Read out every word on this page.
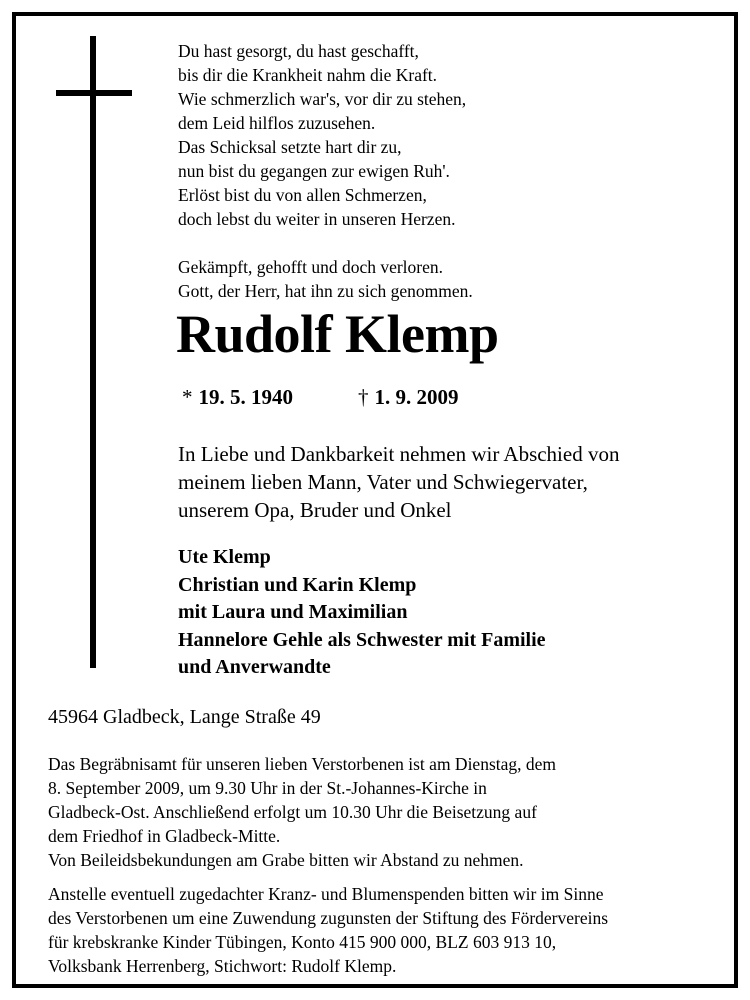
Du hast gesorgt, du hast geschafft,
bis dir die Krankheit nahm die Kraft.
Wie schmerzlich war's, vor dir zu stehen,
dem Leid hilflos zuzusehen.
Das Schicksal setzte hart dir zu,
nun bist du gegangen zur ewigen Ruh'.
Erlöst bist du von allen Schmerzen,
doch lebst du weiter in unseren Herzen.
Gekämpft, gehofft und doch verloren.
Gott, der Herr, hat ihn zu sich genommen.
Rudolf Klemp
* 19. 5. 1940	† 1. 9. 2009
In Liebe und Dankbarkeit nehmen wir Abschied von
meinem lieben Mann, Vater und Schwiegervater,
unserem Opa, Bruder und Onkel
Ute Klemp
Christian und Karin Klemp
mit Laura und Maximilian
Hannelore Gehle als Schwester mit Familie
und Anverwandte
45964 Gladbeck, Lange Straße 49
Das Begräbnisamt für unseren lieben Verstorbenen ist am Dienstag, dem
8. September 2009, um 9.30 Uhr in der St.-Johannes-Kirche in
Gladbeck-Ost. Anschließend erfolgt um 10.30 Uhr die Beisetzung auf
dem Friedhof in Gladbeck-Mitte.
Von Beileidsbekundungen am Grabe bitten wir Abstand zu nehmen.
Anstelle eventuell zugedachter Kranz- und Blumenspenden bitten wir im Sinne
des Verstorbenen um eine Zuwendung zugunsten der Stiftung des Fördervereins
für krebskranke Kinder Tübingen, Konto 415 900 000, BLZ 603 913 10,
Volksbank Herrenberg, Stichwort: Rudolf Klemp.
